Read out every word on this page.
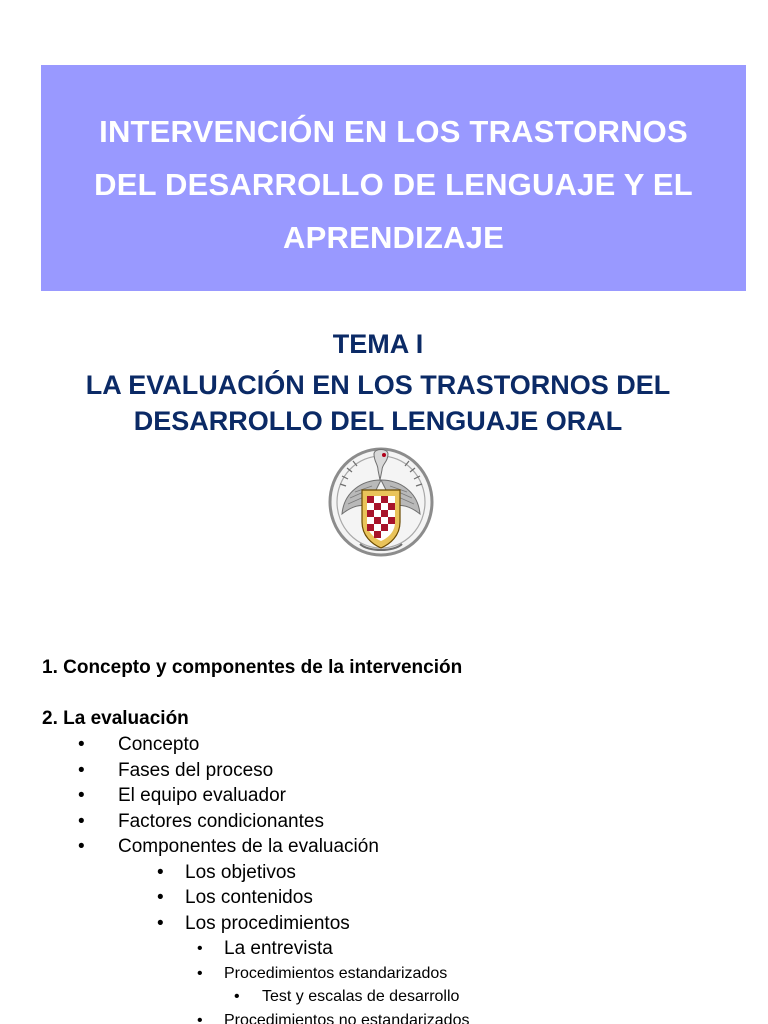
INTERVENCIÓN EN LOS TRASTORNOS
DEL DESARROLLO DE LENGUAJE Y EL
APRENDIZAJE

TEMA I

LA EVALUACIÓN EN LOS TRASTORNOS DEL
DESARROLLO DEL LENGUAJE ORAL

1. Concepto y componentes de la intervención

2. La evaluación

• Concepto
• Fases del proceso
• El equipo evaluador
• Factores condicionantes
• Componentes de la evaluación
• Los objetivos
• Los contenidos
• Los procedimientos
• La entrevista
• Procedimientos estandarizados
• Test y escalas de desarrollo
• Procedimientos no estandarizados
